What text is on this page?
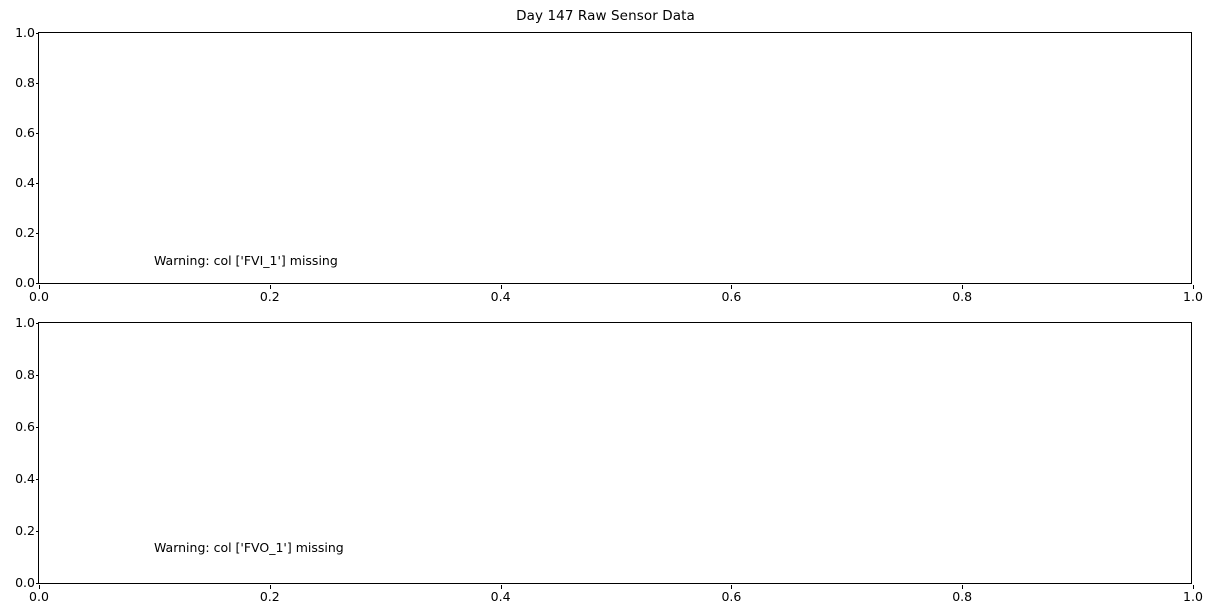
Day 147 Raw Sensor Data
0.0
0.2
0.4
0.6
0.8
1.0
0.0	0.2	0.4	0.6	0.8	1.0
Warning: col ['FVI_1'] missing
0.0
0.2
0.4
0.6
0.8
1.0
0.0	0.2	0.4	0.6	0.8	1.0
Warning: col ['FVO_1'] missing
